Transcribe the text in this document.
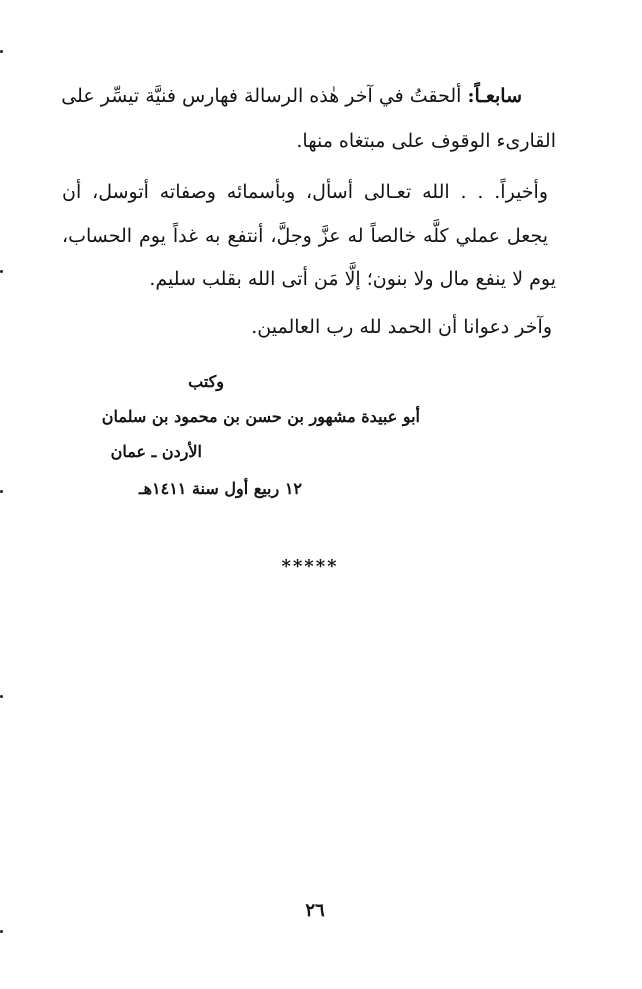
سابعـاً: ألحقتُ في آخر هٰذه الرسالة فهارس فنيَّة تيسِّر على
القارىء الوقوف على مبتغاه منها.
وأخيراً. . . الله تعـالى أسأل، وبأسمائه وصفاته أتوسل، أن
يجعل عملي كلَّه خالصاً له عزَّ وجلَّ، أنتفع به غداً يوم الحساب،
يوم لا ينفع مال ولا بنون؛ إلَّا مَن أتى الله بقلب سليم.
وآخر دعوانا أن الحمد لله رب العالمين.
وكتب
أبو عبيدة مشهور بن حسن بن محمود بن سلمان
الأردن ـ عمان
١٢ ربيع أول سنة ١٤١١هـ
*****
٢٦
